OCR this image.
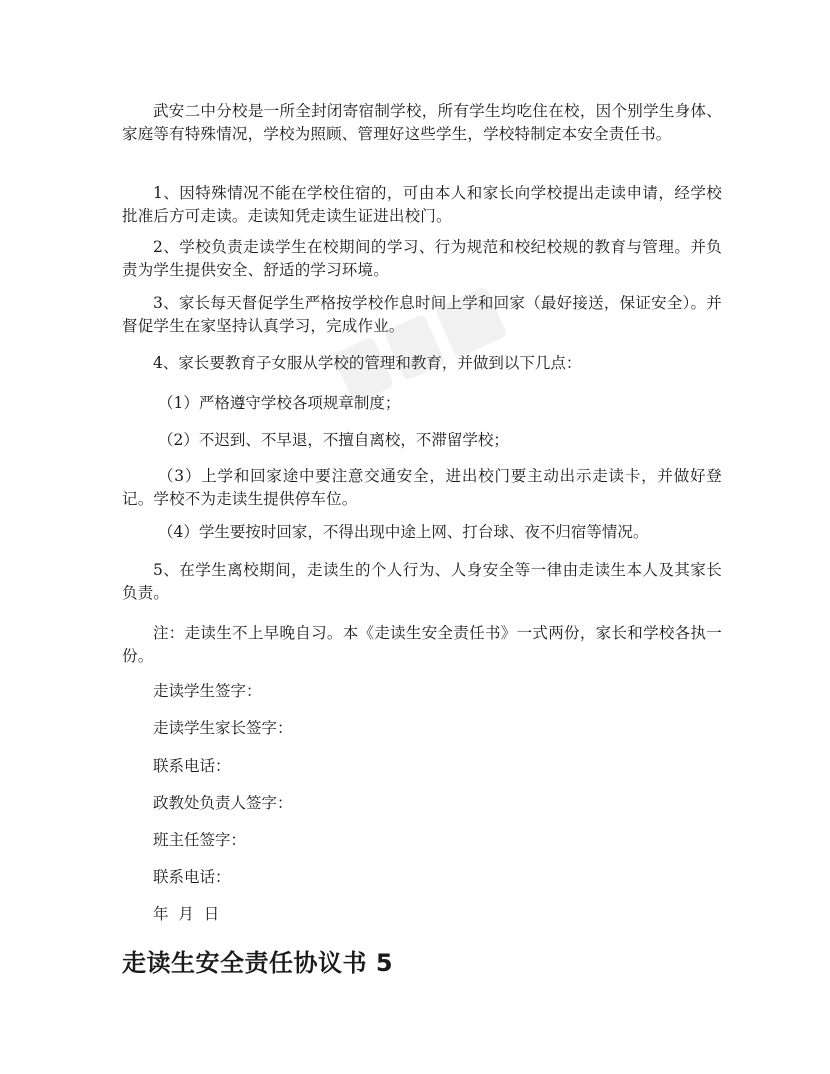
武安二中分校是一所全封闭寄宿制学校，所有学生均吃住在校，因个别学生身体、家庭等有特殊情况，学校为照顾、管理好这些学生，学校特制定本安全责任书。

1、因特殊情况不能在学校住宿的，可由本人和家长向学校提出走读申请，经学校批准后方可走读。走读知凭走读生证进出校门。

2、学校负责走读学生在校期间的学习、行为规范和校纪校规的教育与管理。并负责为学生提供安全、舒适的学习环境。

3、家长每天督促学生严格按学校作息时间上学和回家（最好接送，保证安全）。并督促学生在家坚持认真学习，完成作业。

4、家长要教育子女服从学校的管理和教育，并做到以下几点：

（1）严格遵守学校各项规章制度；

（2）不迟到、不早退，不擅自离校，不滞留学校；

（3）上学和回家途中要注意交通安全，进出校门要主动出示走读卡，并做好登记。学校不为走读生提供停车位。

（4）学生要按时回家，不得出现中途上网、打台球、夜不归宿等情况。

5、在学生离校期间，走读生的个人行为、人身安全等一律由走读生本人及其家长负责。

注：走读生不上早晚自习。本《走读生安全责任书》一式两份，家长和学校各执一份。

走读学生签字：

走读学生家长签字：

联系电话：

政教处负责人签字：

班主任签字：

联系电话：

年  月  日

走读生安全责任协议书 5
